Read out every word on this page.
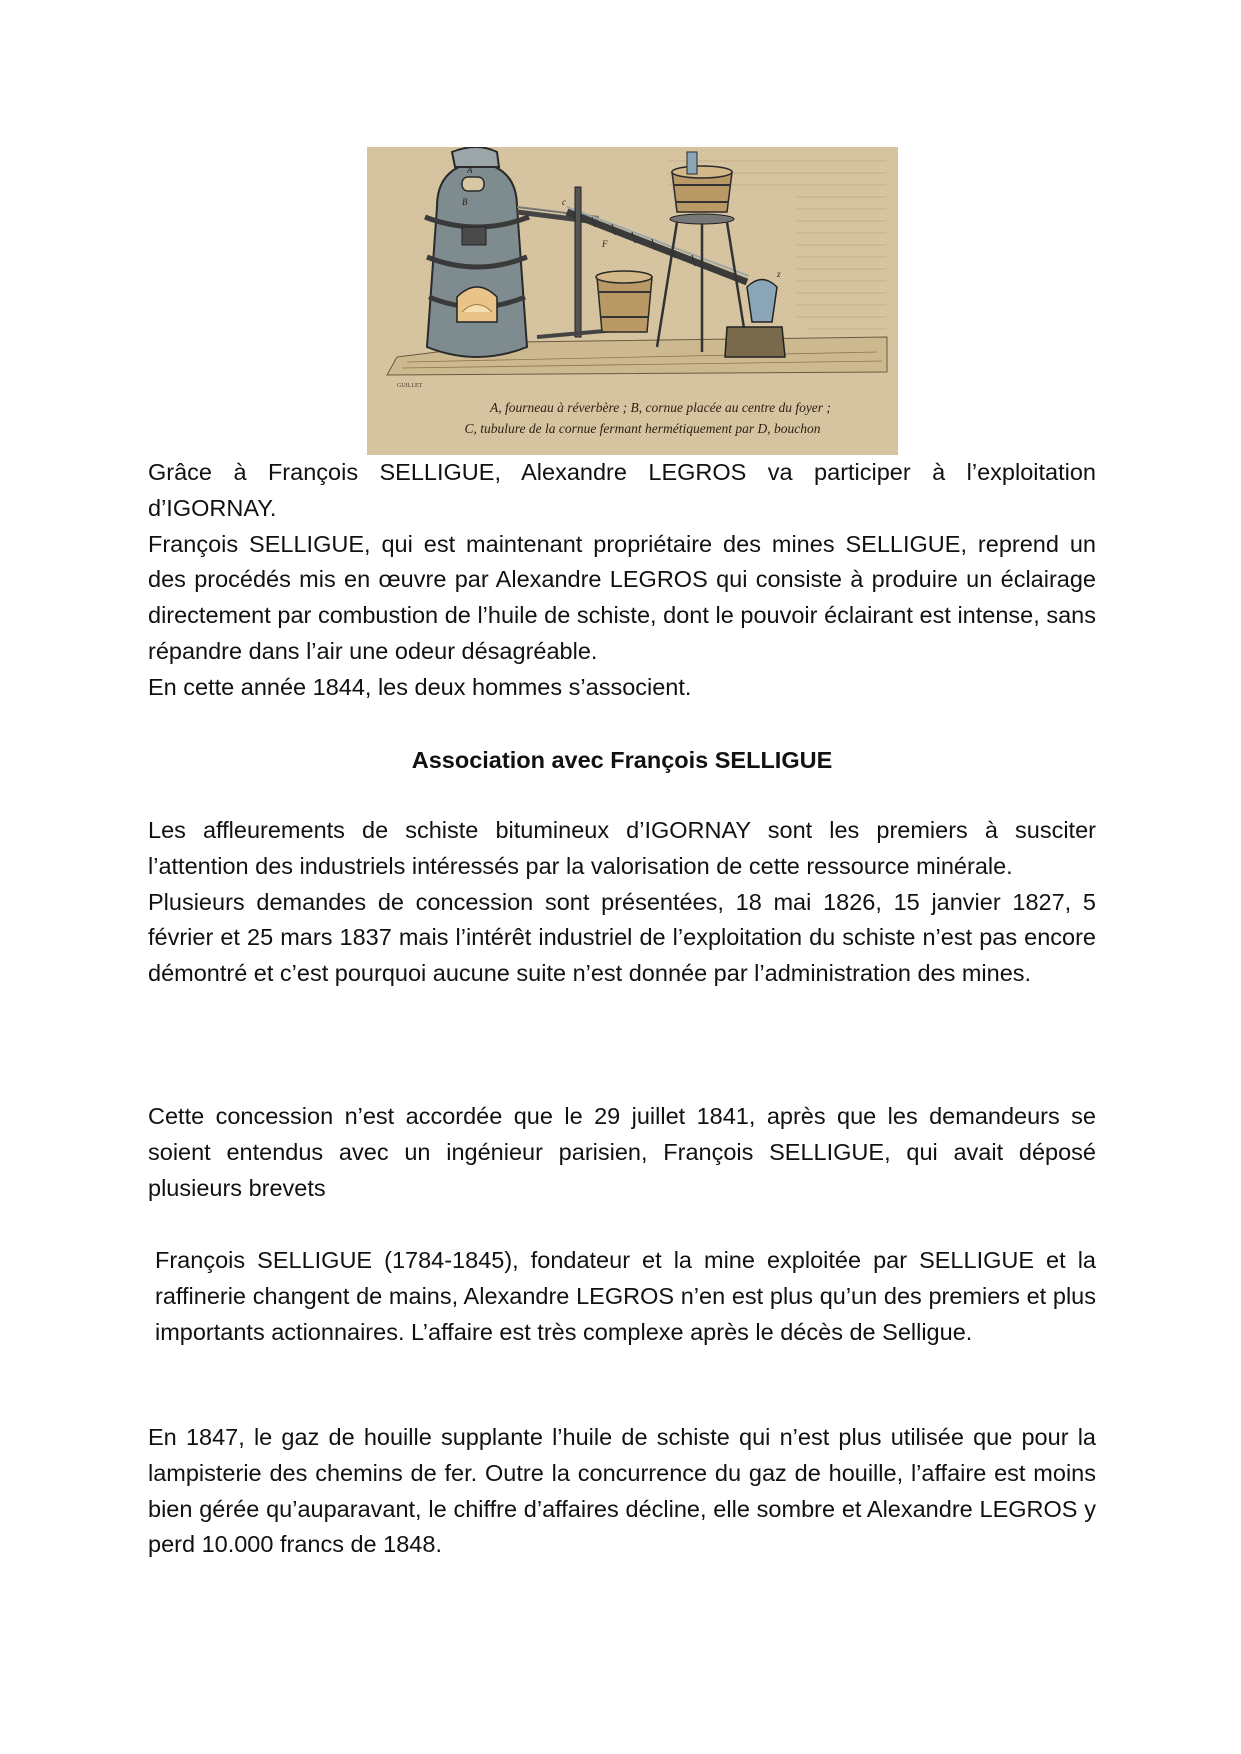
A
B	c
F
z
GUILLET
A, fourneau à réverbère ; B, cornue placée au centre du foyer ;
C, tubulure de la cornue fermant hermétiquement par D, bouchon

Grâce à François SELLIGUE, Alexandre LEGROS va participer à l’exploitation d’IGORNAY.

François SELLIGUE, qui est maintenant propriétaire des mines SELLIGUE, reprend un des procédés mis en œuvre par Alexandre LEGROS qui consiste à produire un éclairage directement par combustion de l’huile de schiste, dont le pouvoir éclairant est intense, sans répandre dans l’air une odeur désagréable.

En cette année 1844, les deux hommes s’associent.

Association avec François SELLIGUE

Les affleurements de schiste bitumineux d’IGORNAY sont les premiers à susciter l’attention des industriels intéressés par la valorisation de cette ressource minérale.

Plusieurs demandes de concession sont présentées, 18 mai 1826, 15 janvier 1827, 5 février et 25 mars 1837 mais l’intérêt industriel de l’exploitation du schiste n’est pas encore démontré et c’est pourquoi aucune suite n’est donnée par l’administration des mines.

Cette concession n’est accordée que le 29 juillet 1841, après que les demandeurs se soient entendus avec un ingénieur parisien, François SELLIGUE, qui avait déposé plusieurs brevets

François SELLIGUE (1784-1845), fondateur et la mine exploitée par SELLIGUE et la raffinerie changent de mains, Alexandre LEGROS n’en est plus qu’un des premiers et plus importants actionnaires. L’affaire est très complexe après le décès de Selligue.

En 1847, le gaz de houille supplante l’huile de schiste qui n’est plus utilisée que pour la lampisterie des chemins de fer. Outre la concurrence du gaz de houille, l’affaire est moins bien gérée qu’auparavant, le chiffre d’affaires décline, elle sombre et Alexandre LEGROS y perd 10.000 francs de 1848.
